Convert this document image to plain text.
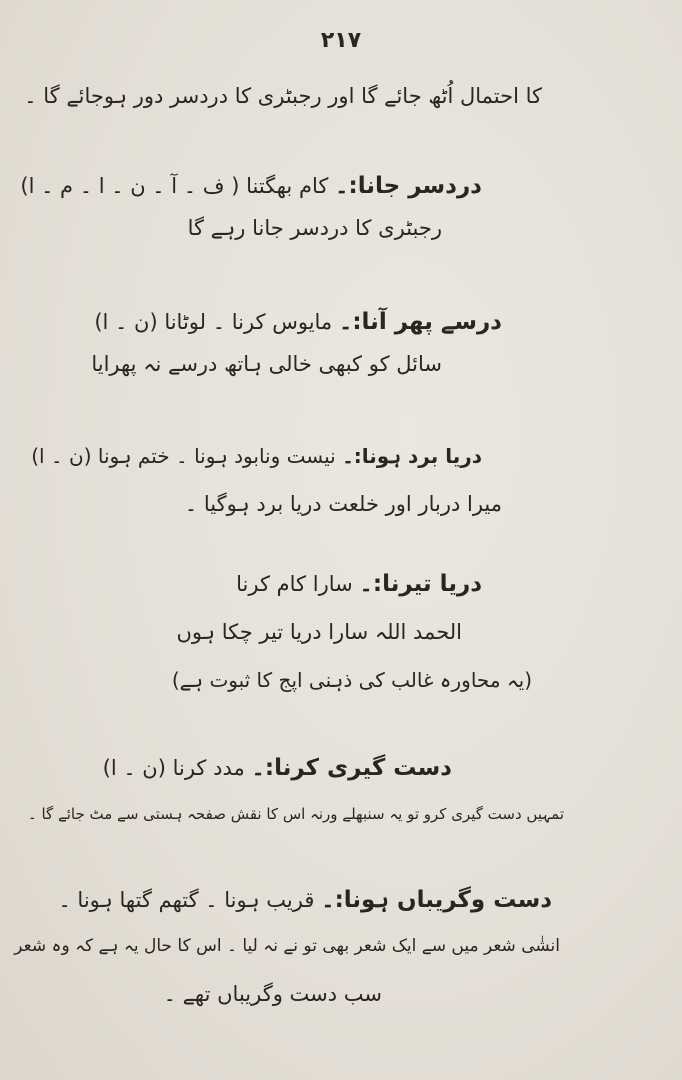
۲۱۷
کا احتمال اُٹھ جائے گا اور رجبٹری کا دردسر دور ہوجائے گا ۔
دردسر جانا:۔ کام بھگتنا ( ف ۔ آ ۔ ن ۔ ا ۔ م ۔ ا)
رجبٹری کا دردسر جانا رہے گا
درسے پھر آنا:۔ مایوس کرنا ۔ لوٹانا (ن ۔ ا)
سائل کو کبھی خالی ہاتھ درسے نہ پھرایا
دریا برد ہونا:۔ نیست ونابود ہونا ۔ ختم ہونا (ن ۔ ا)
میرا دربار اور خلعت دریا برد ہوگیا ۔
دریا تیرنا:۔ سارا کام کرنا
الحمد اللہ سارا دریا تیر چکا ہوں
(یہ محاورہ غالب کی ذہنی اپج کا ثبوت ہے)
دست گیری کرنا:۔ مدد کرنا (ن ۔ ا)
تمہیں دست گیری کرو تو یہ سنبھلے ورنہ اس کا نقش صفحہ ہستی سے مٹ جائے گا ۔
دست وگریباں ہونا:۔ قریب ہونا ۔ گتھم گتھا ہونا ۔
انشٰی شعر میں سے ایک شعر بھی تو نے نہ لیا ۔ اس کا حال یہ ہے کہ وہ شعر
سب دست وگریباں تھے ۔
